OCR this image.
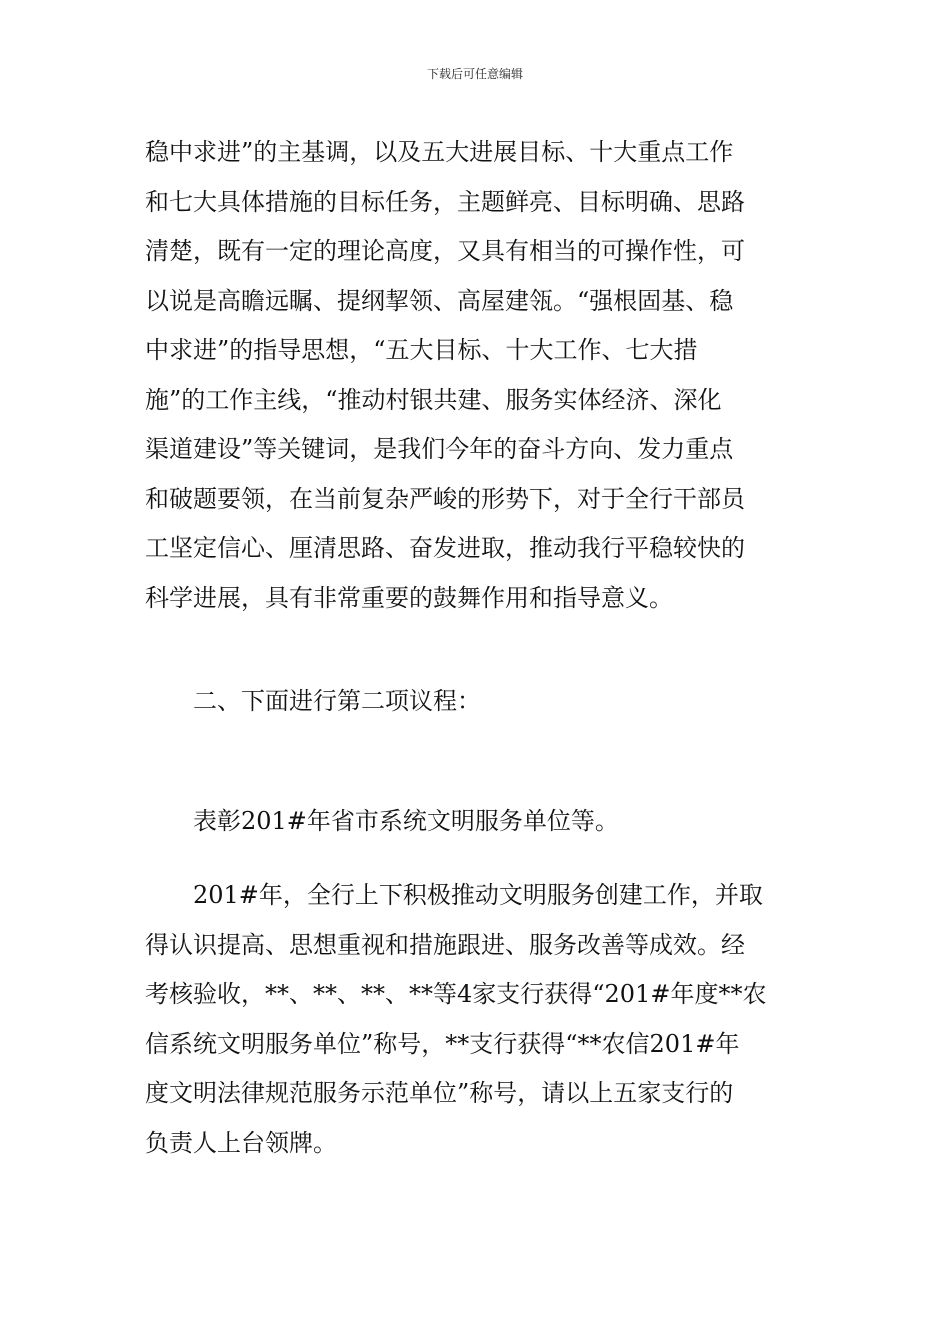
下载后可任意编辑
稳中求进”的主基调，以及五大进展目标、十大重点工作
和七大具体措施的目标任务，主题鲜亮、目标明确、思路
清楚，既有一定的理论高度，又具有相当的可操作性，可
以说是高瞻远瞩、提纲挈领、高屋建瓴。“强根固基、稳
中求进”的指导思想，“五大目标、十大工作、七大措
施”的工作主线，“推动村银共建、服务实体经济、深化
渠道建设”等关键词，是我们今年的奋斗方向、发力重点
和破题要领，在当前复杂严峻的形势下，对于全行干部员
工坚定信心、厘清思路、奋发进取，推动我行平稳较快的
科学进展，具有非常重要的鼓舞作用和指导意义。
二、下面进行第二项议程：
表彰201#年省市系统文明服务单位等。
201#年，全行上下积极推动文明服务创建工作，并取
得认识提高、思想重视和措施跟进、服务改善等成效。经
考核验收，**、**、**、**等4家支行获得“201#年度**农
信系统文明服务单位”称号，**支行获得“**农信201#年
度文明法律规范服务示范单位”称号，请以上五家支行的
负责人上台领牌。
